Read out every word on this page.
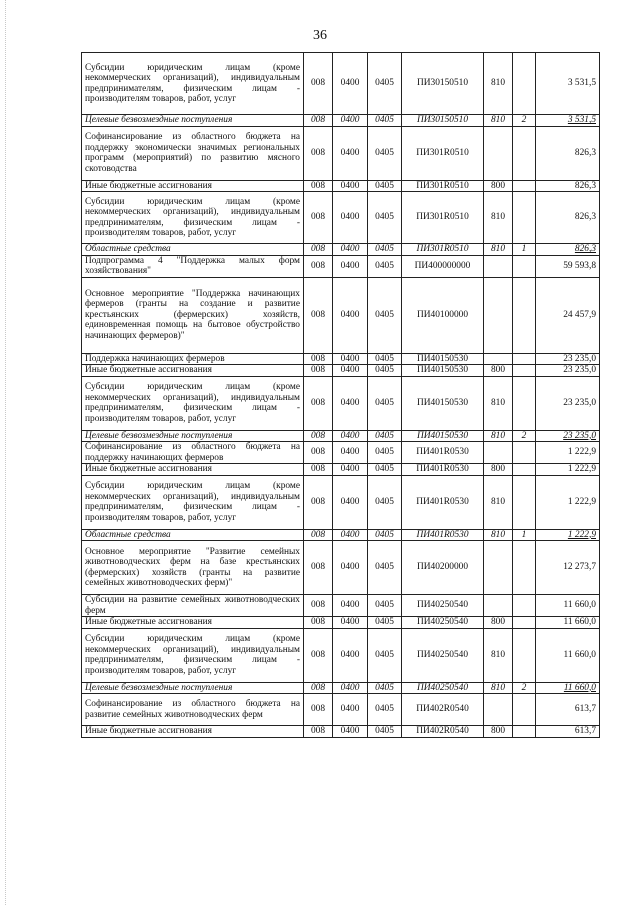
36
Субсидии юридическим лицам (кроме некоммерческих организаций), индивидуальным предпринимателям, физическим лицам - производителям товаров, работ, услуг	008	0400	0405	ПИ30150510	810		3 531,5
Целевые безвозмездные поступления	008	0400	0405	ПИ30150510	810	2	3 531,5
Софинансирование из областного бюджета на поддержку экономически значимых региональных программ (мероприятий) по развитию мясного скотоводства	008	0400	0405	ПИ301R0510			826,3
Иные бюджетные ассигнования	008	0400	0405	ПИ301R0510	800		826,3
Субсидии юридическим лицам (кроме некоммерческих организаций), индивидуальным предпринимателям, физическим лицам - производителям товаров, работ, услуг	008	0400	0405	ПИ301R0510	810		826,3
Областные средства	008	0400	0405	ПИ301R0510	810	1	826,3
Подпрограмма 4 "Поддержка малых форм хозяйствования"	008	0400	0405	ПИ400000000			59 593,8
Основное мероприятие "Поддержка начинающих фермеров (гранты на создание и развитие крестьянских (фермерских) хозяйств, единовременная помощь на бытовое обустройство начинающих фермеров)"	008	0400	0405	ПИ40100000			24 457,9
Поддержка начинающих фермеров	008	0400	0405	ПИ40150530			23 235,0
Иные бюджетные ассигнования	008	0400	0405	ПИ40150530	800		23 235,0
Субсидии юридическим лицам (кроме некоммерческих организаций), индивидуальным предпринимателям, физическим лицам - производителям товаров, работ, услуг	008	0400	0405	ПИ40150530	810		23 235,0
Целевые безвозмездные поступления	008	0400	0405	ПИ40150530	810	2	23 235,0
Софинансирование из областного бюджета на поддержку начинающих фермеров	008	0400	0405	ПИ401R0530			1 222,9
Иные бюджетные ассигнования	008	0400	0405	ПИ401R0530	800		1 222,9
Субсидии юридическим лицам (кроме некоммерческих организаций), индивидуальным предпринимателям, физическим лицам - производителям товаров, работ, услуг	008	0400	0405	ПИ401R0530	810		1 222,9
Областные средства	008	0400	0405	ПИ401R0530	810	1	1 222,9
Основное мероприятие "Развитие семейных животноводческих ферм на базе крестьянских (фермерских) хозяйств (гранты на развитие семейных животноводческих ферм)"	008	0400	0405	ПИ40200000			12 273,7
Субсидии на развитие семейных животноводческих ферм	008	0400	0405	ПИ40250540			11 660,0
Иные бюджетные ассигнования	008	0400	0405	ПИ40250540	800		11 660,0
Субсидии юридическим лицам (кроме некоммерческих организаций), индивидуальным предпринимателям, физическим лицам - производителям товаров, работ, услуг	008	0400	0405	ПИ40250540	810		11 660,0
Целевые безвозмездные поступления	008	0400	0405	ПИ40250540	810	2	11 660,0
Софинансирование из областного бюджета на развитие семейных животноводческих ферм	008	0400	0405	ПИ402R0540			613,7
Иные бюджетные ассигнования	008	0400	0405	ПИ402R0540	800		613,7
